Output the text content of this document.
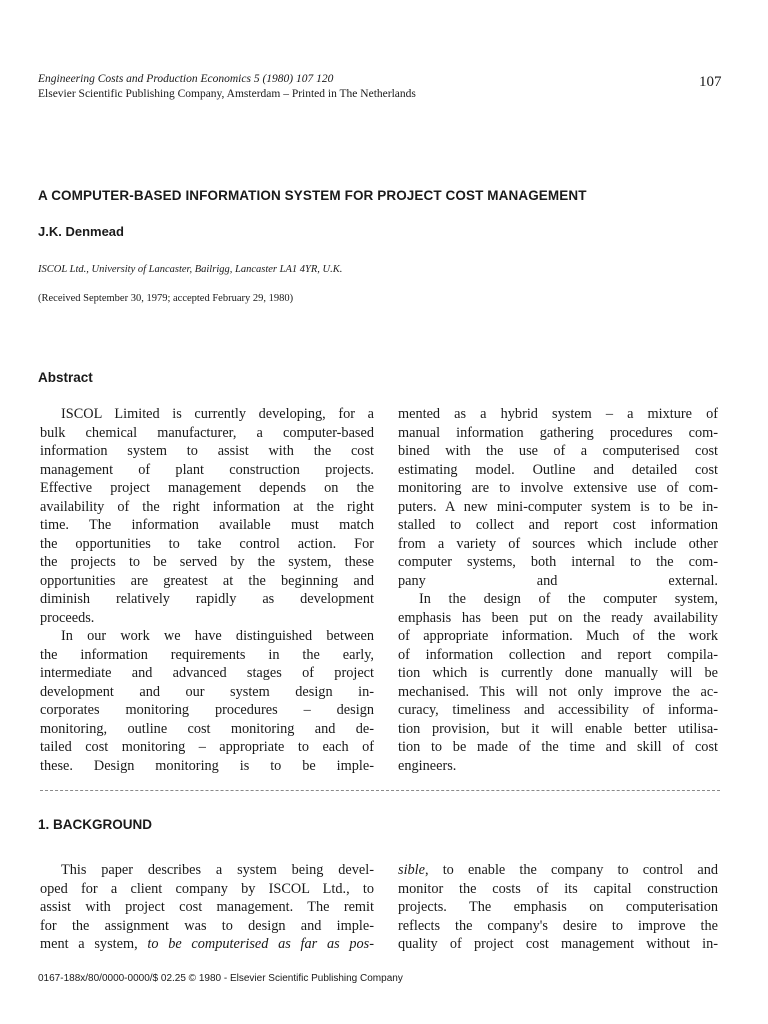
Engineering Costs and Production Economics 5 (1980) 107 120
Elsevier Scientific Publishing Company, Amsterdam – Printed in The Netherlands
107
A COMPUTER-BASED INFORMATION SYSTEM FOR PROJECT COST MANAGEMENT
J.K. Denmead
ISCOL Ltd., University of Lancaster, Bailrigg, Lancaster LA1 4YR, U.K.
(Received September 30, 1979; accepted February 29, 1980)
Abstract

ISCOL Limited is currently developing, for a
bulk chemical manufacturer, a computer-based
information system to assist with the cost
management of plant construction projects.
Effective project management depends on the
availability of the right information at the right
time. The information available must match
the opportunities to take control action. For
the projects to be served by the system, these
opportunities are greatest at the beginning and
diminish relatively rapidly as development
proceeds.
In our work we have distinguished between
the information requirements in the early,
intermediate and advanced stages of project
development and our system design in-
corporates monitoring procedures – design
monitoring, outline cost monitoring and de-
tailed cost monitoring – appropriate to each of
these. Design monitoring is to be imple-

mented as a hybrid system – a mixture of
manual information gathering procedures com-
bined with the use of a computerised cost
estimating model. Outline and detailed cost
monitoring are to involve extensive use of com-
puters. A new mini-computer system is to be in-
stalled to collect and report cost information
from a variety of sources which include other
computer systems, both internal to the com-
pany and external.
In the design of the computer system,
emphasis has been put on the ready availability
of appropriate information. Much of the work
of information collection and report compila-
tion which is currently done manually will be
mechanised. This will not only improve the ac-
curacy, timeliness and accessibility of informa-
tion provision, but it will enable better utilisa-
tion to be made of the time and skill of cost
engineers.

1. BACKGROUND

This paper describes a system being devel-
oped for a client company by ISCOL Ltd., to
assist with project cost management. The remit
for the assignment was to design and imple-
ment a system, to be computerised as far as pos-

sible, to enable the company to control and
monitor the costs of its capital construction
projects. The emphasis on computerisation
reflects the company's desire to improve the
quality of project cost management without in-

0167-188x/80/0000-0000/$ 02.25 © 1980 - Elsevier Scientific Publishing Company
